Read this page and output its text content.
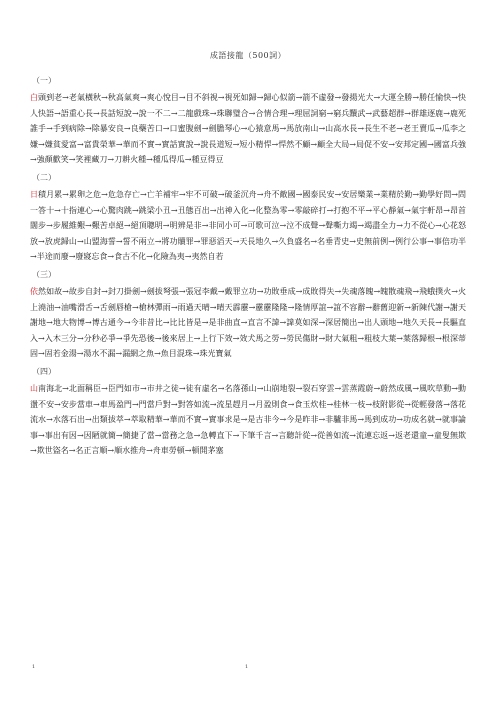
成語接龍（500詞）
（一）
白頭到老→老氣橫秋→秋高氣爽→爽心悅目→目不斜視→視死如歸→歸心似箭→箭不虛發→發揚光大→大運全勝→勝任愉快→快人快語→語重心長→長話短說→說一不二→二龍戲珠→珠聯璧合→合情合理→理屈詞窮→窮兵黷武→武藝超群→群雄逐鹿→鹿死誰手→手到病除→除暴安良→良藥苦口→口蜜腹劍→劍膽琴心→心猿意馬→馬放南山→山高水長→長生不老→老王賣瓜→瓜李之嫌→嫌貧愛富→富貴榮華→華而不實→實話實說→說長道短→短小精悍→悍然不顧→顧全大局→局促不安→安邦定國→國富兵強→強顏歡笑→笑裡藏刀→刀耕火種→種瓜得瓜→種豆得豆
（二）
日積月累→累卵之危→危急存亡→亡羊補牢→牢不可破→破釜沉舟→舟不敵國→國泰民安→安居樂業→業精於勤→勤學好問→問一答十→十指連心→心驚肉跳→跳梁小丑→丑態百出→出神入化→化整為零→零敲碎打→打抱不平→平心靜氣→氣宇軒昂→昂首闊步→步履維艱→艱苦卓絕→絕頂聰明→明辨是非→非同小可→可歌可泣→泣不成聲→聲嘶力竭→竭盡全力→力不從心→心花怒放→放虎歸山→山盟海誓→誓不兩立→將功贖罪→罪惡滔天→天長地久→久負盛名→名垂青史→史無前例→例行公事→事倍功半→半途而廢→廢寢忘食→食古不化→化險為夷→夷然自若
（三）
依然如故→故步自封→封刀掛劍→劍拔弩張→張冠李戴→戴罪立功→功敗垂成→成敗得失→失魂落魄→魄散魂飛→飛蛾撲火→火上澆油→油嘴滑舌→舌劍唇槍→槍林彈雨→雨過天晴→晴天霹靂→靂靂隆隆→隆情厚誼→誼不容辭→辭舊迎新→新陳代謝→謝天謝地→地大物博→博古通今→今非昔比→比比皆是→是非曲直→直言不諱→諱莫如深→深居簡出→出人頭地→地久天長→長驅直入→入木三分→分秒必爭→爭先恐後→後來居上→上行下效→效犬馬之勞→勞民傷財→財大氣粗→粗枝大葉→葉落歸根→根深蒂固→固若金湯→湯水不漏→漏網之魚→魚目混珠→珠光寶氣
（四）
山南海北→北面稱臣→臣門如市→市井之徒→徒有虛名→名落孫山→山崩地裂→裂石穿雲→雲蒸霞蔚→蔚然成風→風吹草動→動盪不安→安步當車→車馬盈門→門當戶對→對答如流→流星趕月→月盈則食→食玉炊桂→桂林一枝→枝附影從→從輕發落→落花流水→水落石出→出類拔萃→萃取精華→華而不實→實事求是→是古非今→今是昨非→非驢非馬→馬到成功→功成名就→就事論事→事出有因→因陋就簡→簡捷了當→當務之急→急轉直下→下筆千言→言聽計從→從善如流→流連忘返→返老還童→童叟無欺→欺世盜名→名正言順→順水推舟→舟車勞頓→頓開茅塞
1	1
